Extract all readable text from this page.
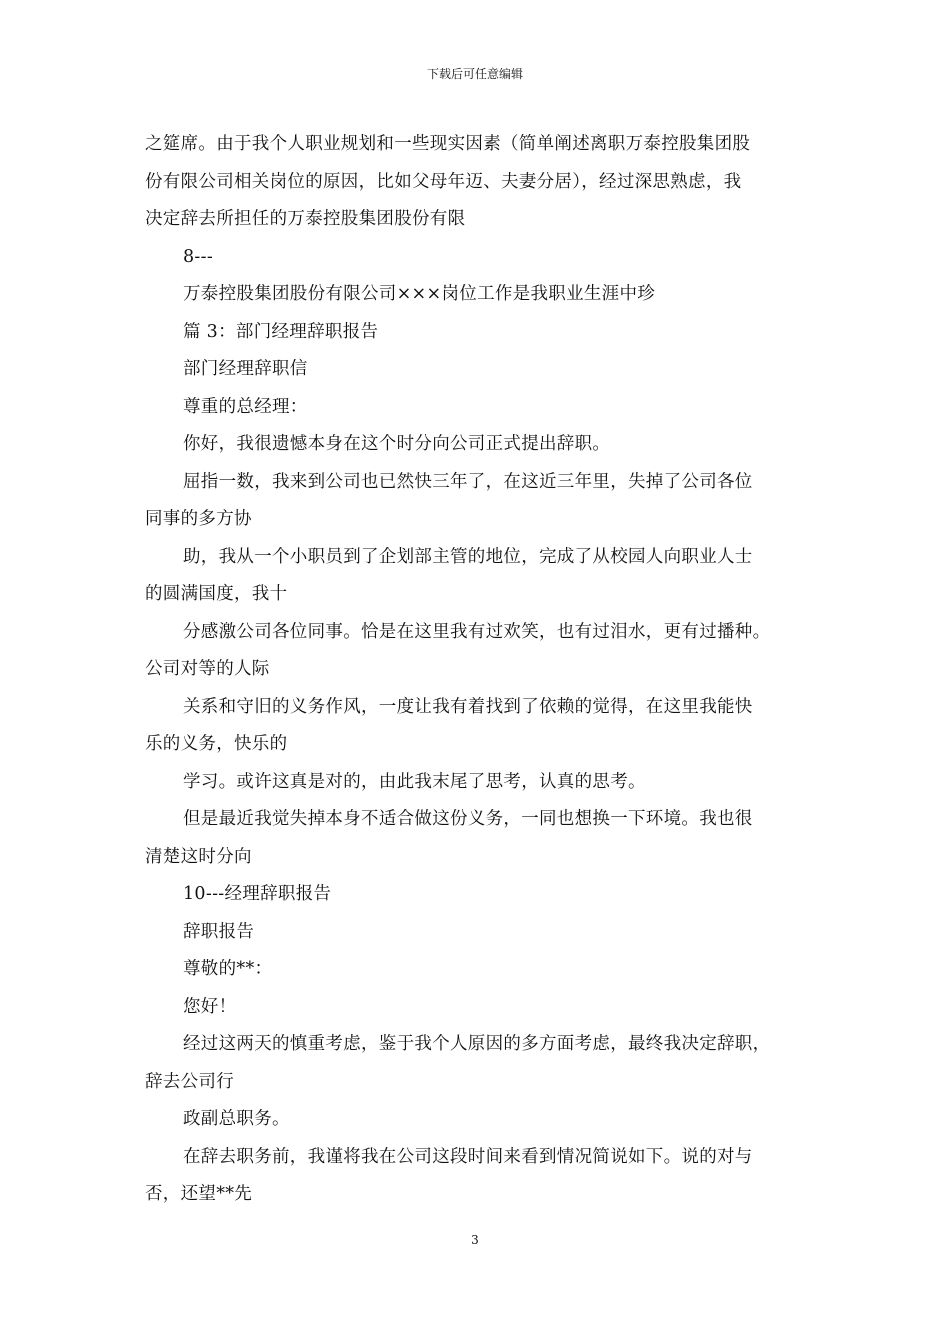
下载后可任意编辑
之筵席。由于我个人职业规划和一些现实因素（简单阐述离职万泰控股集团股
份有限公司相关岗位的原因，比如父母年迈、夫妻分居），经过深思熟虑，我
决定辞去所担任的万泰控股集团股份有限
8---
万泰控股集团股份有限公司×××岗位工作是我职业生涯中珍
篇 3：部门经理辞职报告
部门经理辞职信
尊重的总经理：
你好，我很遗憾本身在这个时分向公司正式提出辞职。
屈指一数，我来到公司也已然快三年了，在这近三年里，失掉了公司各位
同事的多方协
助，我从一个小职员到了企划部主管的地位，完成了从校园人向职业人士
的圆满国度，我十
分感激公司各位同事。恰是在这里我有过欢笑，也有过泪水，更有过播种。
公司对等的人际
关系和守旧的义务作风，一度让我有着找到了依赖的觉得，在这里我能快
乐的义务，快乐的
学习。或许这真是对的，由此我末尾了思考，认真的思考。
但是最近我觉失掉本身不适合做这份义务，一同也想换一下环境。我也很
清楚这时分向
10---经理辞职报告
辞职报告
尊敬的**：
您好！
经过这两天的慎重考虑，鉴于我个人原因的多方面考虑，最终我决定辞职，
辞去公司行
政副总职务。
在辞去职务前，我谨将我在公司这段时间来看到情况简说如下。说的对与
否，还望**先
3
